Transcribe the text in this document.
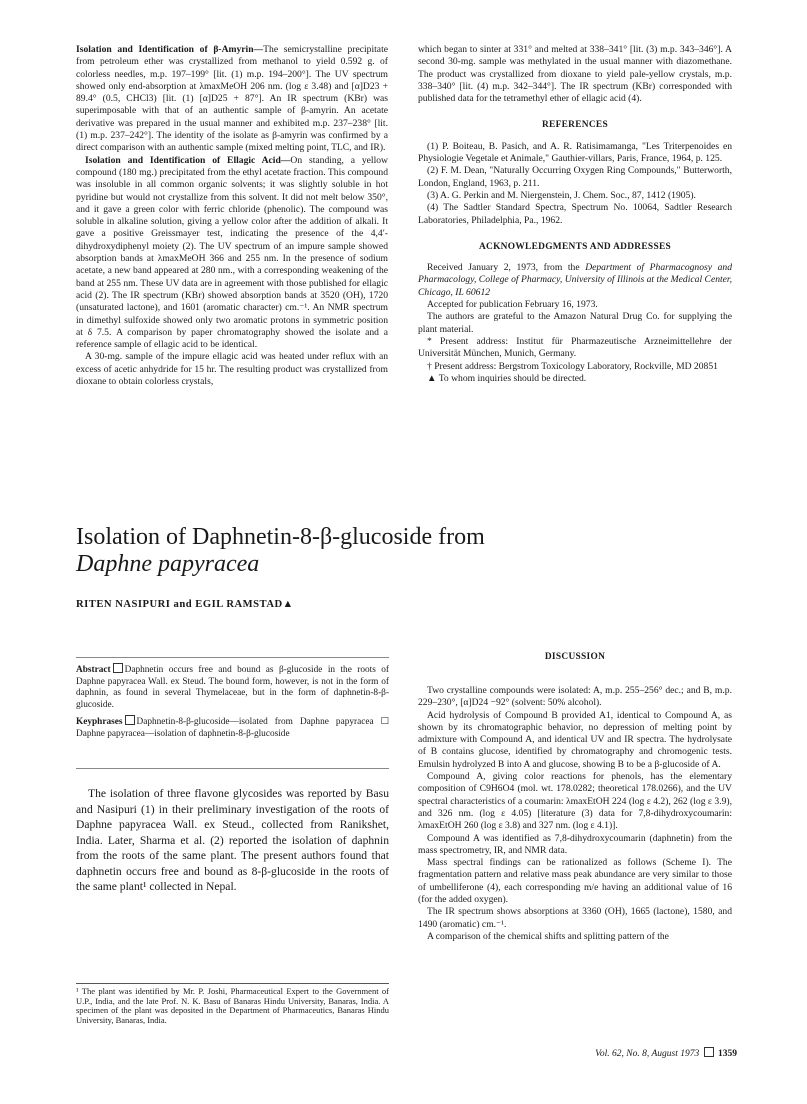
Isolation and Identification of β-Amyrin—The semicrystalline precipitate from petroleum ether was crystallized from methanol to yield 0.592 g. of colorless needles, m.p. 197–199° [lit. (1) m.p. 194–200°]. The UV spectrum showed only end-absorption at λmaxMeOH 206 nm. (log ε 3.48) and [α]D23 + 89.4° (0.5, CHCl3) [lit. (1) [α]D25 + 87°]. An IR spectrum (KBr) was superimposable with that of an authentic sample of β-amyrin. An acetate derivative was prepared in the usual manner and exhibited m.p. 237–238° [lit. (1) m.p. 237–242°]. The identity of the isolate as β-amyrin was confirmed by a direct comparison with an authentic sample (mixed melting point, TLC, and IR).

Isolation and Identification of Ellagic Acid—On standing, a yellow compound (180 mg.) precipitated from the ethyl acetate fraction. This compound was insoluble in all common organic solvents; it was slightly soluble in hot pyridine but would not crystallize from this solvent. It did not melt below 350°, and it gave a green color with ferric chloride (phenolic). The compound was soluble in alkaline solution, giving a yellow color after the addition of alkali. It gave a positive Greissmayer test, indicating the presence of the 4,4′-dihydroxydiphenyl moiety (2). The UV spectrum of an impure sample showed absorption bands at λmaxMeOH 366 and 255 nm. In the presence of sodium acetate, a new band appeared at 280 nm., with a corresponding weakening of the band at 255 nm. These UV data are in agreement with those published for ellagic acid (2). The IR spectrum (KBr) showed absorption bands at 3520 (OH), 1720 (unsaturated lactone), and 1601 (aromatic character) cm.⁻¹. An NMR spectrum in dimethyl sulfoxide showed only two aromatic protons in symmetric position at δ 7.5. A comparison by paper chromatography showed the isolate and a reference sample of ellagic acid to be identical.

A 30-mg. sample of the impure ellagic acid was heated under reflux with an excess of acetic anhydride for 15 hr. The resulting product was crystallized from dioxane to obtain colorless crystals,

which began to sinter at 331° and melted at 338–341° [lit. (3) m.p. 343–346°]. A second 30-mg. sample was methylated in the usual manner with diazomethane. The product was crystallized from dioxane to yield pale-yellow crystals, m.p. 338–340° [lit. (4) m.p. 342–344°]. The IR spectrum (KBr) corresponded with published data for the tetramethyl ether of ellagic acid (4).

REFERENCES

(1) P. Boiteau, B. Pasich, and A. R. Ratisimamanga, "Les Triterpenoides en Physiologie Vegetale et Animale," Gauthier-villars, Paris, France, 1964, p. 125.

(2) F. M. Dean, "Naturally Occurring Oxygen Ring Compounds," Butterworth, London, England, 1963, p. 211.

(3) A. G. Perkin and M. Niergenstein, J. Chem. Soc., 87, 1412 (1905).

(4) The Sadtler Standard Spectra, Spectrum No. 10064, Sadtler Research Laboratories, Philadelphia, Pa., 1962.

ACKNOWLEDGMENTS AND ADDRESSES

Received January 2, 1973, from the Department of Pharmacognosy and Pharmacology, College of Pharmacy, University of Illinois at the Medical Center, Chicago, IL 60612

Accepted for publication February 16, 1973.

The authors are grateful to the Amazon Natural Drug Co. for supplying the plant material.

* Present address: Institut für Pharmazeutische Arzneimittellehre der Universität München, Munich, Germany.

† Present address: Bergstrom Toxicology Laboratory, Rockville, MD 20851

▲ To whom inquiries should be directed.

Isolation of Daphnetin-8-β-glucoside from
Daphne papyracea
RITEN NASIPURI and EGIL RAMSTAD▲

Abstract Daphnetin occurs free and bound as β-glucoside in the roots of Daphne papyracea Wall. ex Steud. The bound form, however, is not in the form of daphnin, as found in several Thymelaceae, but in the form of daphnetin-8-β-glucoside.

Keyphrases Daphnetin-8-β-glucoside—isolated from Daphne papyracea ☐ Daphne papyracea—isolation of daphnetin-8-β-glucoside

The isolation of three flavone glycosides was reported by Basu and Nasipuri (1) in their preliminary investigation of the roots of Daphne papyracea Wall. ex Steud., collected from Ranikshet, India. Later, Sharma et al. (2) reported the isolation of daphnin from the roots of the same plant. The present authors found that daphnetin occurs free and bound as 8-β-glucoside in the roots of the same plant¹ collected in Nepal.

¹ The plant was identified by Mr. P. Joshi, Pharmaceutical Expert to the Government of U.P., India, and the late Prof. N. K. Basu of Banaras Hindu University, Banaras, India. A specimen of the plant was deposited in the Department of Pharmaceutics, Banaras Hindu University, Banaras, India.
DISCUSSION

Two crystalline compounds were isolated: A, m.p. 255–256° dec.; and B, m.p. 229–230°, [α]D24 −92° (solvent: 50% alcohol).

Acid hydrolysis of Compound B provided A1, identical to Compound A, as shown by its chromatographic behavior, no depression of melting point by admixture with Compound A, and identical UV and IR spectra. The hydrolysate of B contains glucose, identified by chromatography and chromogenic tests. Emulsin hydrolyzed B into A and glucose, showing B to be a β-glucoside of A.

Compound A, giving color reactions for phenols, has the elementary composition of C9H6O4 (mol. wt. 178.0282; theoretical 178.0266), and the UV spectral characteristics of a coumarin: λmaxEtOH 224 (log ε 4.2), 262 (log ε 3.9), and 326 nm. (log ε 4.05) [literature (3) data for 7,8-dihydroxycoumarin: λmaxEtOH 260 (log ε 3.8) and 327 nm. (log ε 4.1)].

Compound A was identified as 7,8-dihydroxycoumarin (daphnetin) from the mass spectrometry, IR, and NMR data.

Mass spectral findings can be rationalized as follows (Scheme I). The fragmentation pattern and relative mass peak abundance are very similar to those of umbelliferone (4), each corresponding m/e having an additional value of 16 (for the added oxygen).

The IR spectrum shows absorptions at 3360 (OH), 1665 (lactone), 1580, and 1490 (aromatic) cm.⁻¹.

A comparison of the chemical shifts and splitting pattern of the

Vol. 62, No. 8, August 1973 1359
